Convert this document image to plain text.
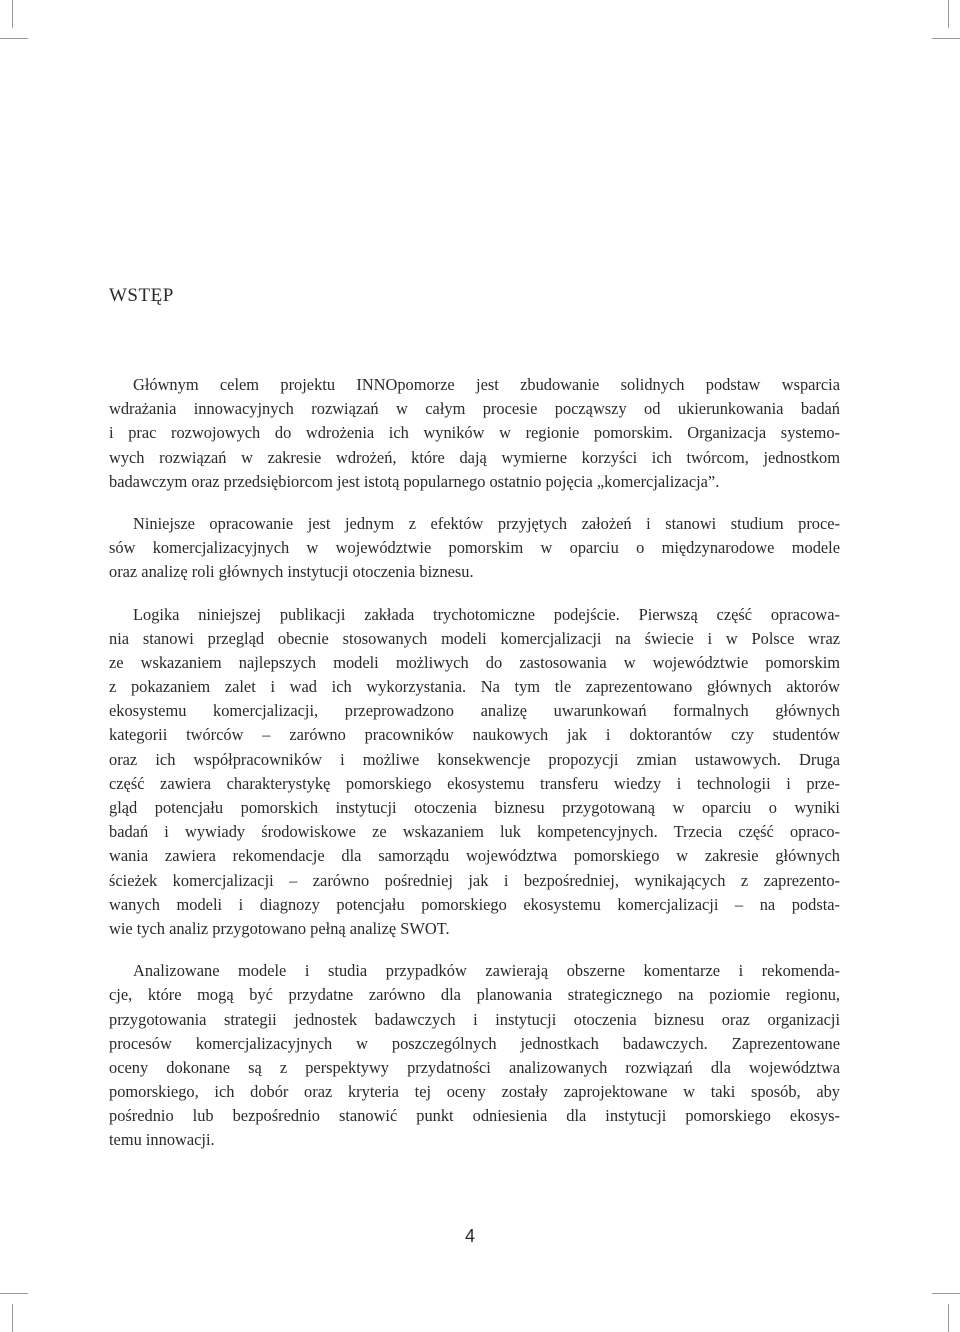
WSTĘP

Głównym celem projektu INNOpomorze jest zbudowanie solidnych podstaw wsparcia
wdrażania innowacyjnych rozwiązań w całym procesie począwszy od ukierunkowania badań
i prac rozwojowych do wdrożenia ich wyników w regionie pomorskim. Organizacja systemo-
wych rozwiązań w zakresie wdrożeń, które dają wymierne korzyści ich twórcom, jednostkom
badawczym oraz przedsiębiorcom jest istotą popularnego ostatnio pojęcia „komercjalizacja”.

Niniejsze opracowanie jest jednym z efektów przyjętych założeń i stanowi studium proce-
sów komercjalizacyjnych w województwie pomorskim w oparciu o międzynarodowe modele
oraz analizę roli głównych instytucji otoczenia biznesu.

Logika niniejszej publikacji zakłada trychotomiczne podejście. Pierwszą część opracowa-
nia stanowi przegląd obecnie stosowanych modeli komercjalizacji na świecie i w Polsce wraz
ze wskazaniem najlepszych modeli możliwych do zastosowania w województwie pomorskim
z pokazaniem zalet i wad ich wykorzystania. Na tym tle zaprezentowano głównych aktorów
ekosystemu komercjalizacji, przeprowadzono analizę uwarunkowań formalnych głównych
kategorii twórców – zarówno pracowników naukowych jak i doktorantów czy studentów
oraz ich współpracowników i możliwe konsekwencje propozycji zmian ustawowych. Druga
część zawiera charakterystykę pomorskiego ekosystemu transferu wiedzy i technologii i prze-
gląd potencjału pomorskich instytucji otoczenia biznesu przygotowaną w oparciu o wyniki
badań i wywiady środowiskowe ze wskazaniem luk kompetencyjnych. Trzecia część opraco-
wania zawiera rekomendacje dla samorządu województwa pomorskiego w zakresie głównych
ścieżek komercjalizacji – zarówno pośredniej jak i bezpośredniej, wynikających z zaprezento-
wanych modeli i diagnozy potencjału pomorskiego ekosystemu komercjalizacji – na podsta-
wie tych analiz przygotowano pełną analizę SWOT.

Analizowane modele i studia przypadków zawierają obszerne komentarze i rekomenda-
cje, które mogą być przydatne zarówno dla planowania strategicznego na poziomie regionu,
przygotowania strategii jednostek badawczych i instytucji otoczenia biznesu oraz organizacji
procesów komercjalizacyjnych w poszczególnych jednostkach badawczych. Zaprezentowane
oceny dokonane są z perspektywy przydatności analizowanych rozwiązań dla województwa
pomorskiego, ich dobór oraz kryteria tej oceny zostały zaprojektowane w taki sposób, aby
pośrednio lub bezpośrednio stanowić punkt odniesienia dla instytucji pomorskiego ekosys-
temu innowacji.

4
